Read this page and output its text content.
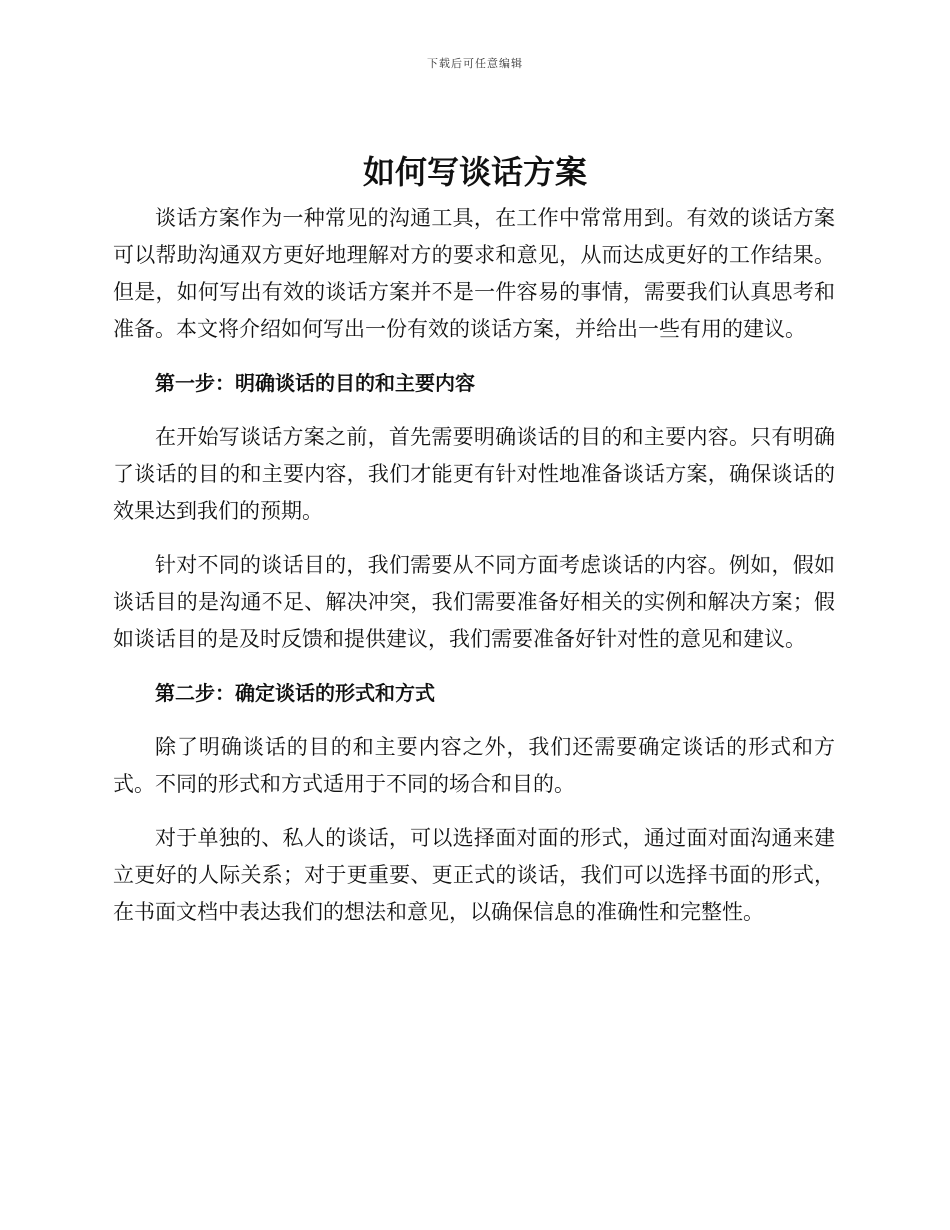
下载后可任意编辑
如何写谈话方案

谈话方案作为一种常见的沟通工具，在工作中常常用到。有效的谈话方案可以帮助沟通双方更好地理解对方的要求和意见，从而达成更好的工作结果。但是，如何写出有效的谈话方案并不是一件容易的事情，需要我们认真思考和准备。本文将介绍如何写出一份有效的谈话方案，并给出一些有用的建议。

第一步：明确谈话的目的和主要内容

在开始写谈话方案之前，首先需要明确谈话的目的和主要内容。只有明确了谈话的目的和主要内容，我们才能更有针对性地准备谈话方案，确保谈话的效果达到我们的预期。

针对不同的谈话目的，我们需要从不同方面考虑谈话的内容。例如，假如谈话目的是沟通不足、解决冲突，我们需要准备好相关的实例和解决方案；假如谈话目的是及时反馈和提供建议，我们需要准备好针对性的意见和建议。

第二步：确定谈话的形式和方式

除了明确谈话的目的和主要内容之外，我们还需要确定谈话的形式和方式。不同的形式和方式适用于不同的场合和目的。

对于单独的、私人的谈话，可以选择面对面的形式，通过面对面沟通来建立更好的人际关系；对于更重要、更正式的谈话，我们可以选择书面的形式，在书面文档中表达我们的想法和意见，以确保信息的准确性和完整性。
